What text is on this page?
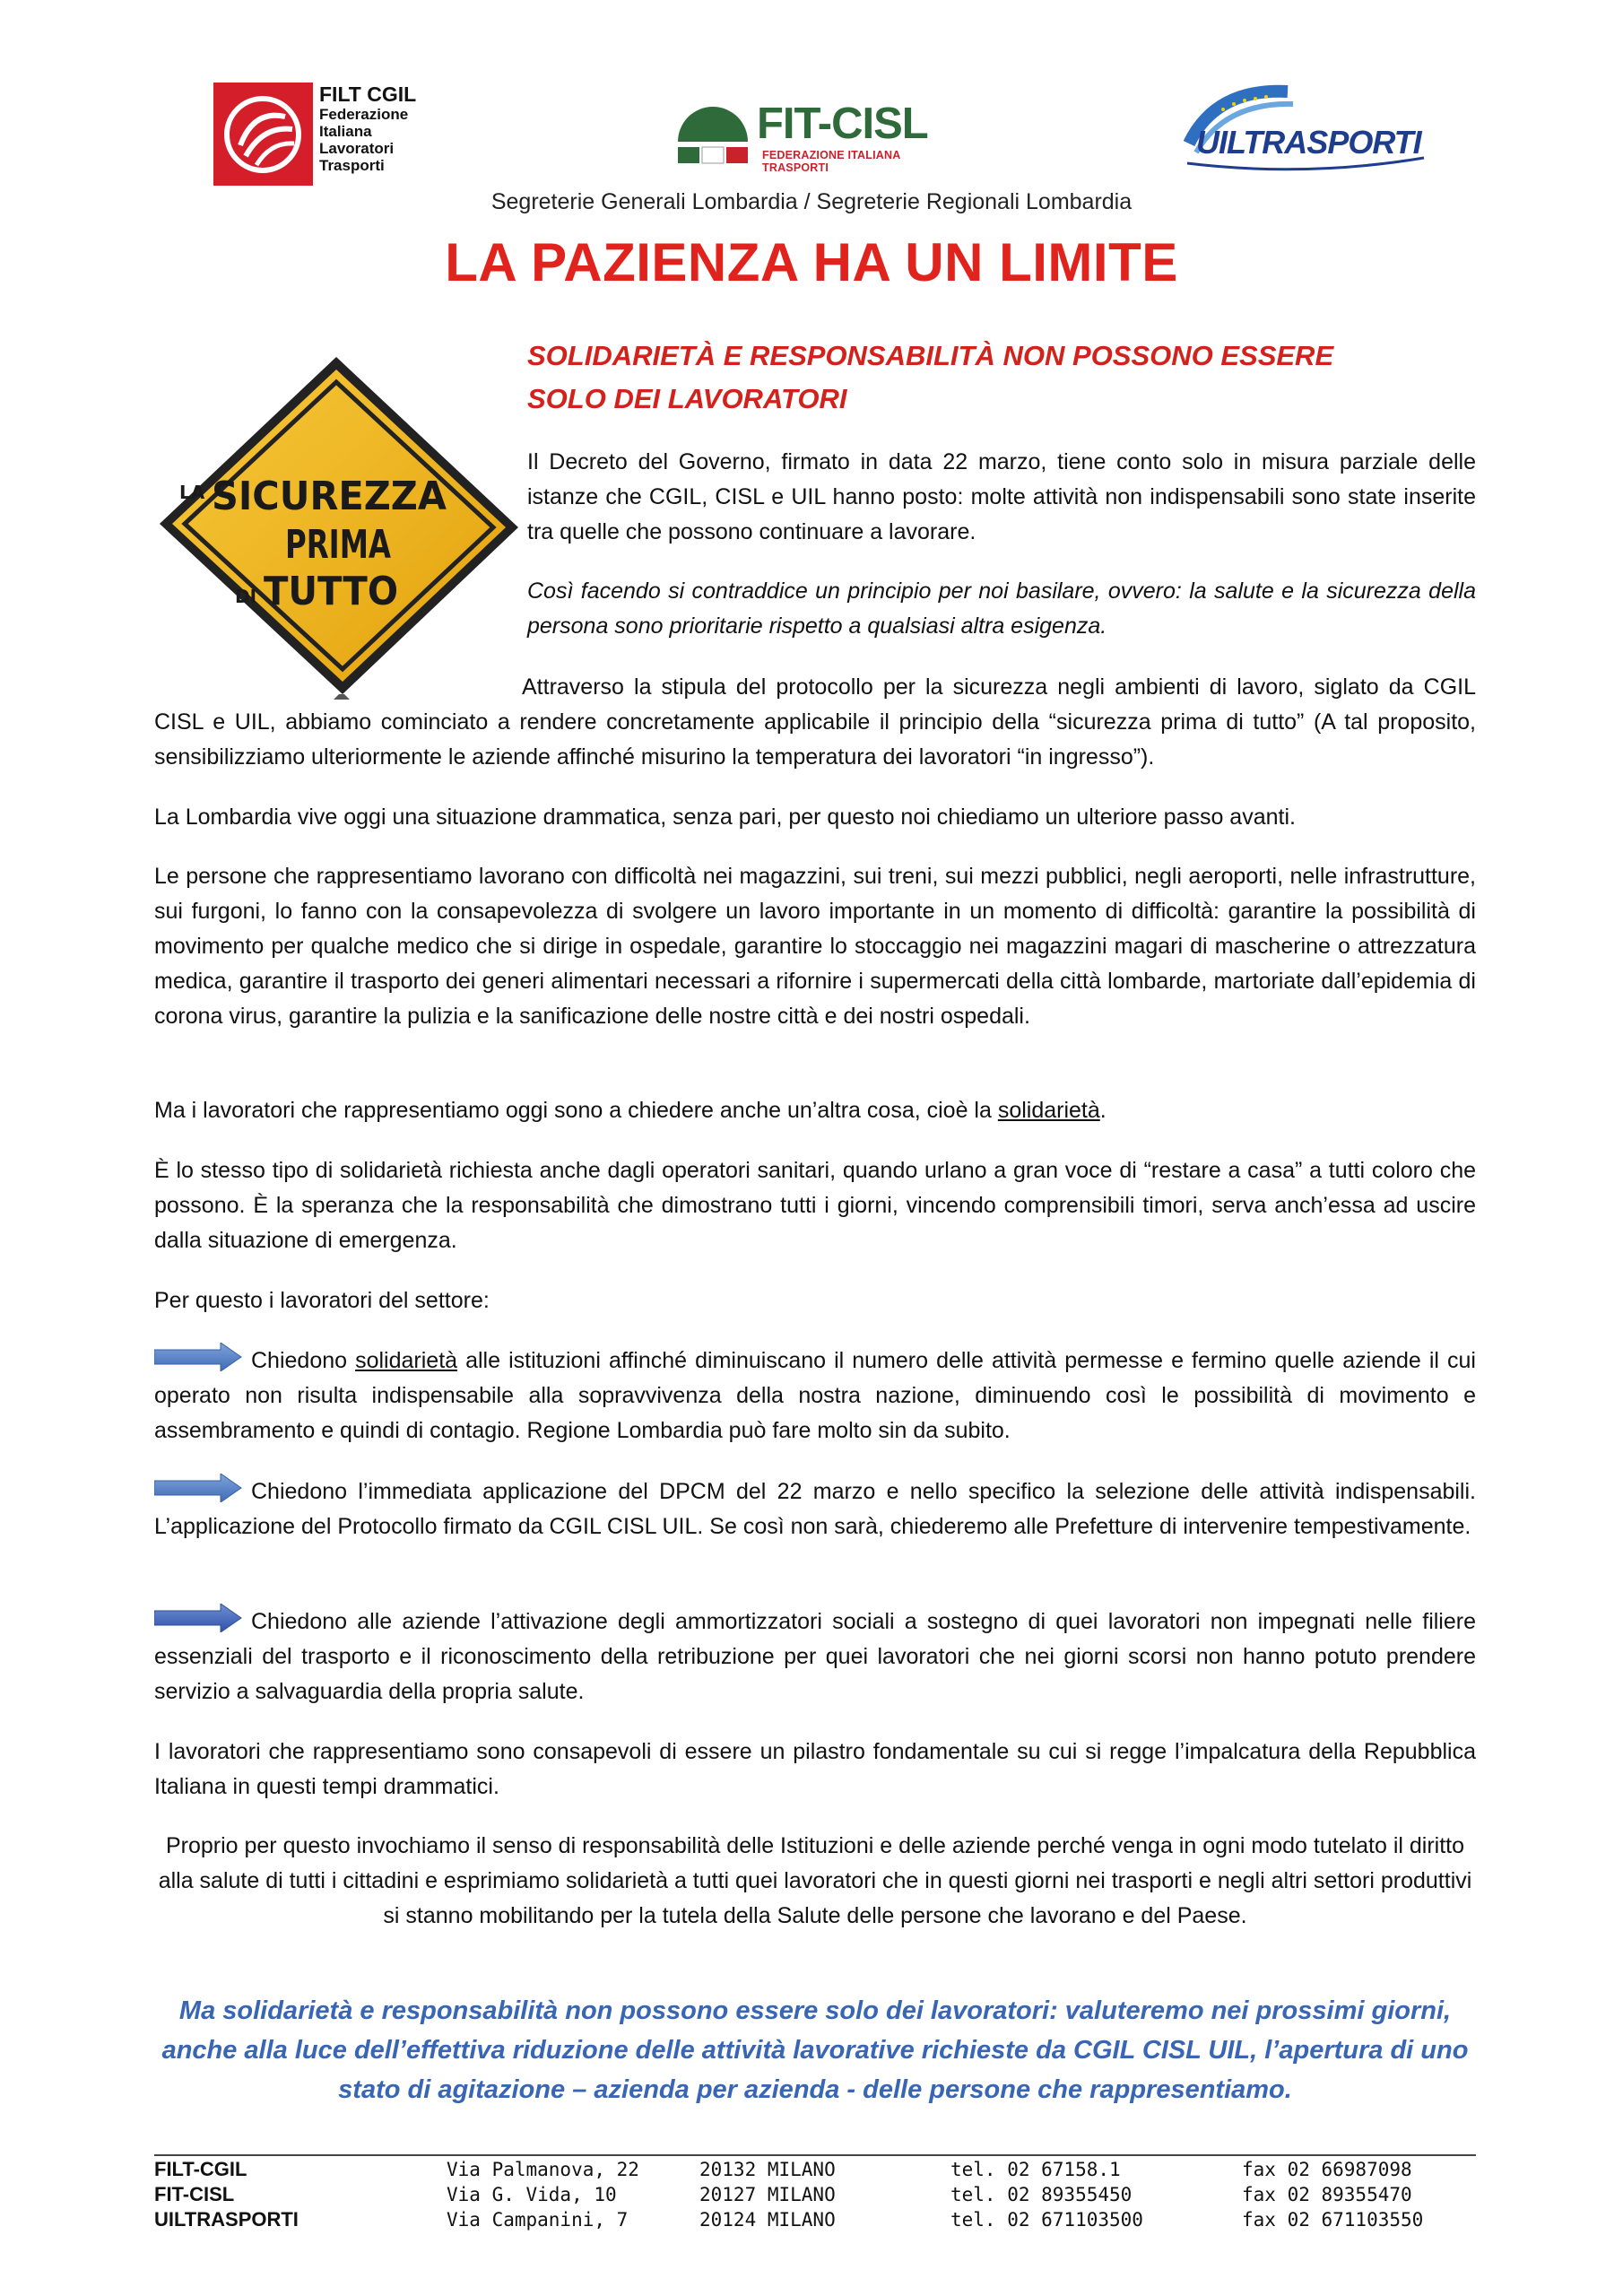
FILT CGIL
Federazione
Italiana
Lavoratori
Trasporti
FIT-CISL
FEDERAZIONE ITALIANA TRASPORTI
UILTRASPORTI
Segreterie Generali Lombardia / Segreterie Regionali Lombardia
LA PAZIENZA HA UN LIMITE
LA SICUREZZA
PRIMA
DI TUTTO
SOLIDARIETÀ E RESPONSABILITÀ NON POSSONO ESSERE
SOLO DEI LAVORATORI
Il Decreto del Governo, firmato in data 22 marzo, tiene conto solo in misura parziale delle istanze che CGIL, CISL e UIL hanno posto: molte attività non indispensabili sono state inserite tra quelle che possono continuare a lavorare.
Così facendo si contraddice un principio per noi basilare, ovvero: la salute e la sicurezza della persona sono prioritarie rispetto a qualsiasi altra esigenza.
Attraverso la stipula del protocollo per la sicurezza negli ambienti di lavoro, siglato da CGIL CISL e UIL, abbiamo cominciato a rendere concretamente applicabile il principio della “sicurezza prima di tutto” (A tal proposito, sensibilizziamo ulteriormente le aziende affinché misurino la temperatura dei lavoratori “in ingresso”).
La Lombardia vive oggi una situazione drammatica, senza pari, per questo noi chiediamo un ulteriore passo avanti.
Le persone che rappresentiamo lavorano con difficoltà nei magazzini, sui treni, sui mezzi pubblici, negli aeroporti, nelle infrastrutture, sui furgoni, lo fanno con la consapevolezza di svolgere un lavoro importante in un momento di difficoltà: garantire la possibilità di movimento per qualche medico che si dirige in ospedale, garantire lo stoccaggio nei magazzini magari di mascherine o attrezzatura medica, garantire il trasporto dei generi alimentari necessari a rifornire i supermercati della città lombarde, martoriate dall’epidemia di corona virus, garantire la pulizia e la sanificazione delle nostre città e dei nostri ospedali.
Ma i lavoratori che rappresentiamo oggi sono a chiedere anche un’altra cosa, cioè la solidarietà.
È lo stesso tipo di solidarietà richiesta anche dagli operatori sanitari, quando urlano a gran voce di “restare a casa” a tutti coloro che possono. È la speranza che la responsabilità che dimostrano tutti i giorni, vincendo comprensibili timori, serva anch’essa ad uscire dalla situazione di emergenza.
Per questo i lavoratori del settore:
Chiedono solidarietà alle istituzioni affinché diminuiscano il numero delle attività permesse e fermino quelle aziende il cui operato non risulta indispensabile alla sopravvivenza della nostra nazione, diminuendo così le possibilità di movimento e assembramento e quindi di contagio. Regione Lombardia può fare molto sin da subito.
Chiedono l’immediata applicazione del DPCM del 22 marzo e nello specifico la selezione delle attività indispensabili. L’applicazione del Protocollo firmato da CGIL CISL UIL. Se così non sarà, chiederemo alle Prefetture di intervenire tempestivamente.
Chiedono alle aziende l’attivazione degli ammortizzatori sociali a sostegno di quei lavoratori non impegnati nelle filiere essenziali del trasporto e il riconoscimento della retribuzione per quei lavoratori che nei giorni scorsi non hanno potuto prendere servizio a salvaguardia della propria salute.
I lavoratori che rappresentiamo sono consapevoli di essere un pilastro fondamentale su cui si regge l’impalcatura della Repubblica Italiana in questi tempi drammatici.
Proprio per questo invochiamo il senso di responsabilità delle Istituzioni e delle aziende perché venga in ogni modo tutelato il diritto alla salute di tutti i cittadini e esprimiamo solidarietà a tutti quei lavoratori che in questi giorni nei trasporti e negli altri settori produttivi si stanno mobilitando per la tutela della Salute delle persone che lavorano e del Paese.
Ma solidarietà e responsabilità non possono essere solo dei lavoratori: valuteremo nei prossimi giorni, anche alla luce dell’effettiva riduzione delle attività lavorative richieste da CGIL CISL UIL, l’apertura di uno stato di agitazione – azienda per azienda - delle persone che rappresentiamo.
FILT-CGIL	Via Palmanova, 22	20132 MILANO	tel. 02 67158.1	fax 02 66987098
FIT-CISL	Via G. Vida, 10	20127 MILANO	tel. 02 89355450	fax 02 89355470
UILTRASPORTI	Via Campanini, 7	20124 MILANO	tel. 02 671103500	fax 02 671103550
